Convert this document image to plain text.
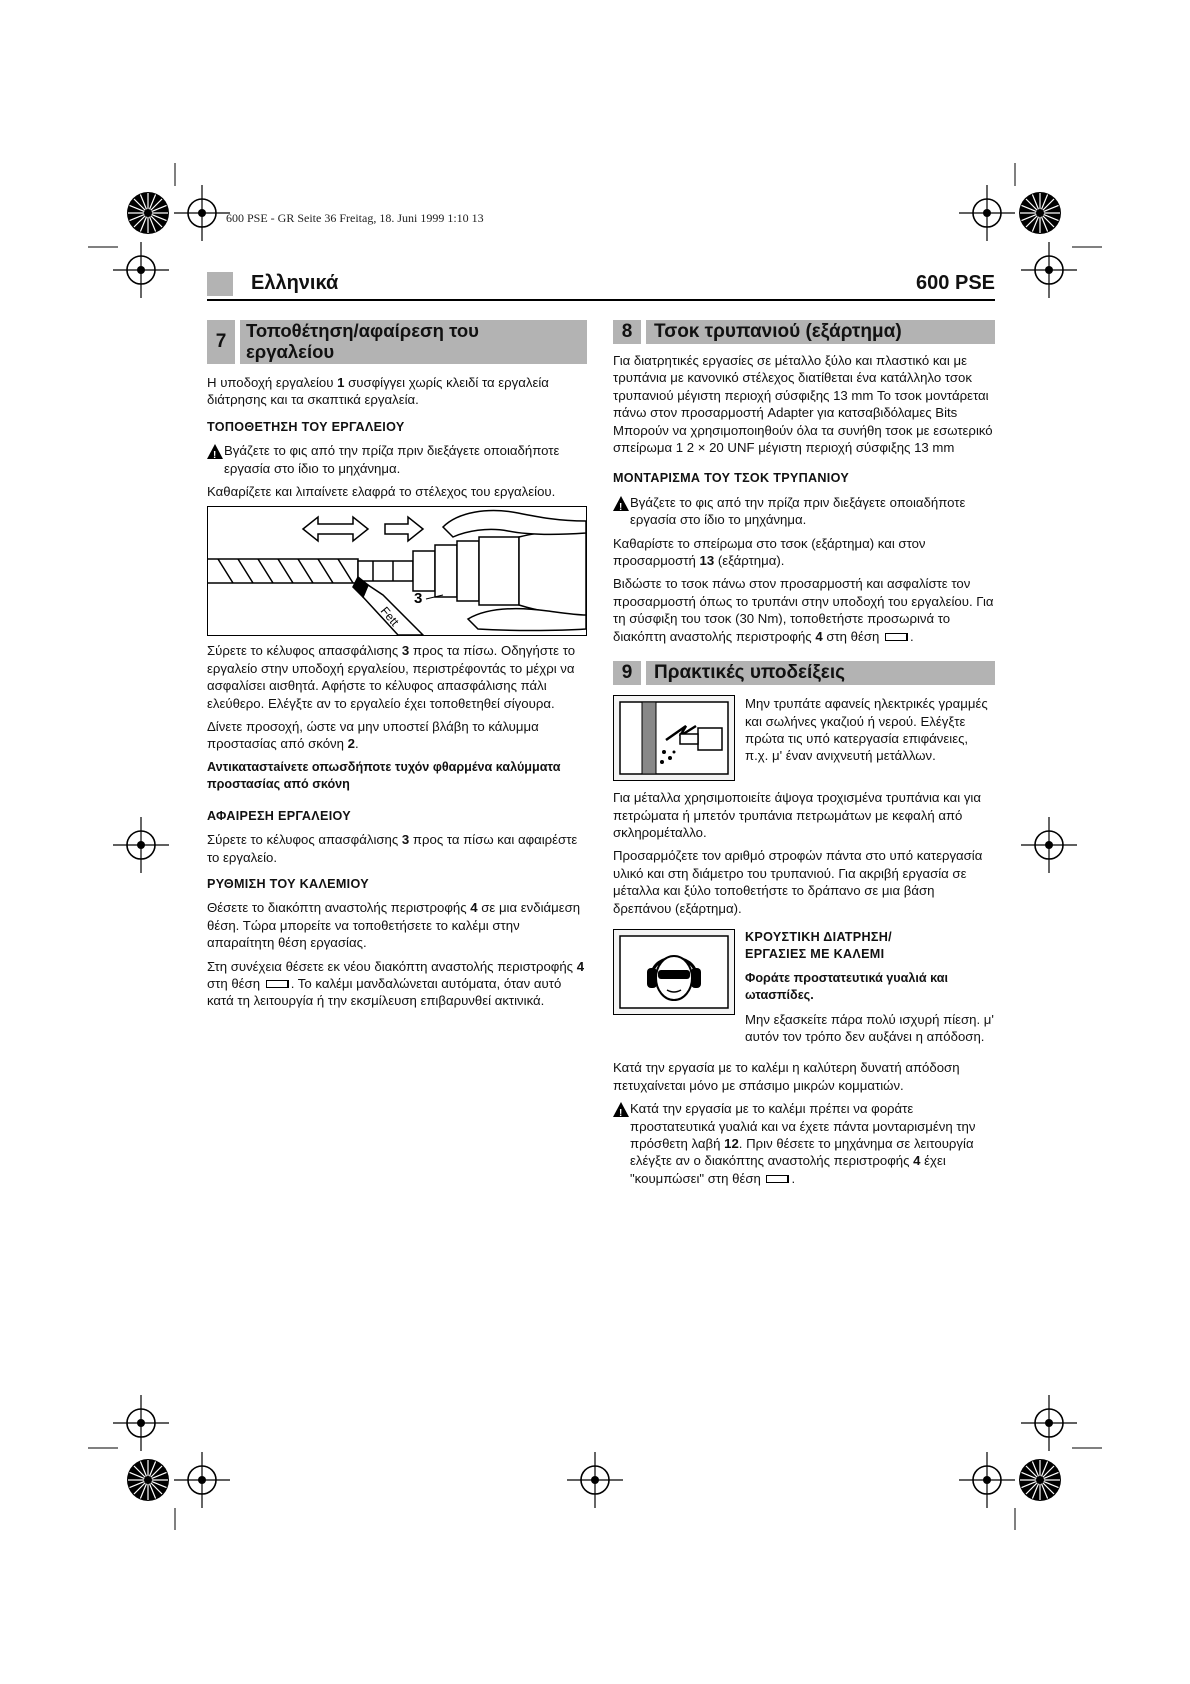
600 PSE - GR Seite 36 Freitag, 18. Juni 1999 1:10 13
Ελληνικά	600 PSE
7
Τοποθέτηση/αφαίρεση του
εργαλείου

Η υποδοχή εργαλείου 1 συσφίγγει χωρίς κλειδί τα εργαλεία διάτρησης και τα σκαπτικά εργαλεία.

ΤΟΠΟΘΕΤΗΣΗ ΤΟΥ ΕΡΓΑΛΕΙΟΥ
!

Βγάζετε το φις από την πρίζα πριν διεξάγετε οποιαδήποτε εργασία στο ίδιο το μηχάνημα.

Καθαρίζετε και λιπαίνετε ελαφρά το στέλεχος του εργαλείου.

Fett
3

Σύρετε το κέλυφος απασφάλισης 3 προς τα πίσω. Οδηγήστε το εργαλείο στην υποδοχή εργαλείου, περιστρέφοντάς το μέχρι να ασφαλίσει αισθητά. Αφήστε το κέλυφος απασφάλισης πάλι ελεύθερο. Ελέγξτε αν το εργαλείο έχει τοποθετηθεί σίγουρα.

Δίνετε προσοχή, ώστε να μην υποστεί βλάβη το κάλυμμα προστασίας από σκόνη 2.

Αντικαταστaίνετε οπωσδήποτε τυχόν φθαρμένα καλύμματα προστασίας από σκόνη

ΑΦΑΙΡΕΣΗ ΕΡΓΑΛΕΙΟΥ

Σύρετε το κέλυφος απασφάλισης 3 προς τα πίσω και αφαιρέστε το εργαλείο.

ΡΥΘΜΙΣΗ ΤΟΥ ΚΑΛΕΜΙΟΥ

Θέσετε το διακόπτη αναστολής περιστροφής 4 σε μια ενδιάμεση θέση. Τώρα μπορείτε να τοποθετήσετε το καλέμι στην απαραίτητη θέση εργασίας.

Στη συνέχεια θέσετε εκ νέου διακόπτη αναστολής περιστροφής 4 στη θέση . Το καλέμι μανδαλώνεται αυτόματα, όταν αυτό κατά τη λειτουργία ή την εκσμίλευση επιβαρυνθεί ακτινικά.

8	Τσοκ τρυπανιού (εξάρτημα)

Για διατρητικές εργασίες σε μέταλλο ξύλο και πλαστικό και με τρυπάνια με κανονικό στέλεχος διατίθεται ένα κατάλληλο τσοκ τρυπανιού μέγιστη περιοχή σύσφιξης 13 mm Το τσοκ μοντάρεται πάνω στον προσαρμοστή Adapter για κατσαβιδόλαμες Bits Μπορούν να χρησιμοποιηθούν όλα τα συνήθη τσοκ με εσωτερικό σπείρωμα 1 2 × 20 UNF μέγιστη περιοχή σύσφιξης 13 mm

ΜΟΝΤΑΡΙΣΜΑ ΤΟΥ ΤΣΟΚ ΤΡΥΠΑΝΙΟΥ
!

Βγάζετε το φις από την πρίζα πριν διεξάγετε οποιαδήποτε εργασία στο ίδιο το μηχάνημα.

Καθαρίστε το σπείρωμα στο τσοκ (εξάρτημα) και στον προσαρμοστή 13 (εξάρτημα).

Βιδώστε το τσοκ πάνω στον προσαρμοστή και ασφαλίστε τον προσαρμοστή όπως το τρυπάνι στην υποδοχή του εργαλείου. Για τη σύσφιξη του τσοκ (30 Nm), τοποθετήστε προσωρινά το διακόπτη αναστολής περιστροφής 4 στη θέση .

9	Πρακτικές υποδείξεις

Μην τρυπάτε αφανείς ηλεκτρικές γραμμές και σωλήνες γκαζιού ή νερού. Ελέγξτε πρώτα τις υπό κατεργασία επιφάνειες, π.χ. μ' έναν ανιχνευτή μετάλλων.

Για μέταλλα χρησιμοποιείτε άψογα τροχισμένα τρυπάνια και για πετρώματα ή μπετόν τρυπάνια πετρωμάτων με κεφαλή από σκληρομέταλλο.

Προσαρμόζετε τον αριθμό στροφών πάντα στο υπό κατεργασία υλικό και στη διάμετρο του τρυπανιού. Για ακριβή εργασία σε μέταλλα και ξύλο τοποθετήστε το δράπανο σε μια βάση δρεπάνου (εξάρτημα).

ΚΡΟΥΣΤΙΚΗ ΔΙΑΤΡΗΣΗ/
ΕΡΓΑΣΙΕΣ ΜΕ ΚΑΛΕΜΙ

Φοράτε προστατευτικά γυαλιά και ωτασπίδες.

Μην εξασκείτε πάρα πολύ ισχυρή πίεση. μ' αυτόν τον τρόπο δεν αυξάνει η απόδοση.

Κατά την εργασία με το καλέμι η καλύτερη δυνατή απόδοση πετυχαίνεται μόνο με σπάσιμο μικρών κομματιών.

!

Κατά την εργασία με το καλέμι πρέπει να φοράτε προστατευτικά γυαλιά και να έχετε πάντα μονταρισμένη την πρόσθετη λαβή 12. Πριν θέσετε το μηχάνημα σε λειτουργία ελέγξτε αν ο διακόπτης αναστολής περιστροφής 4 έχει "κουμπώσει" στη θέση .
